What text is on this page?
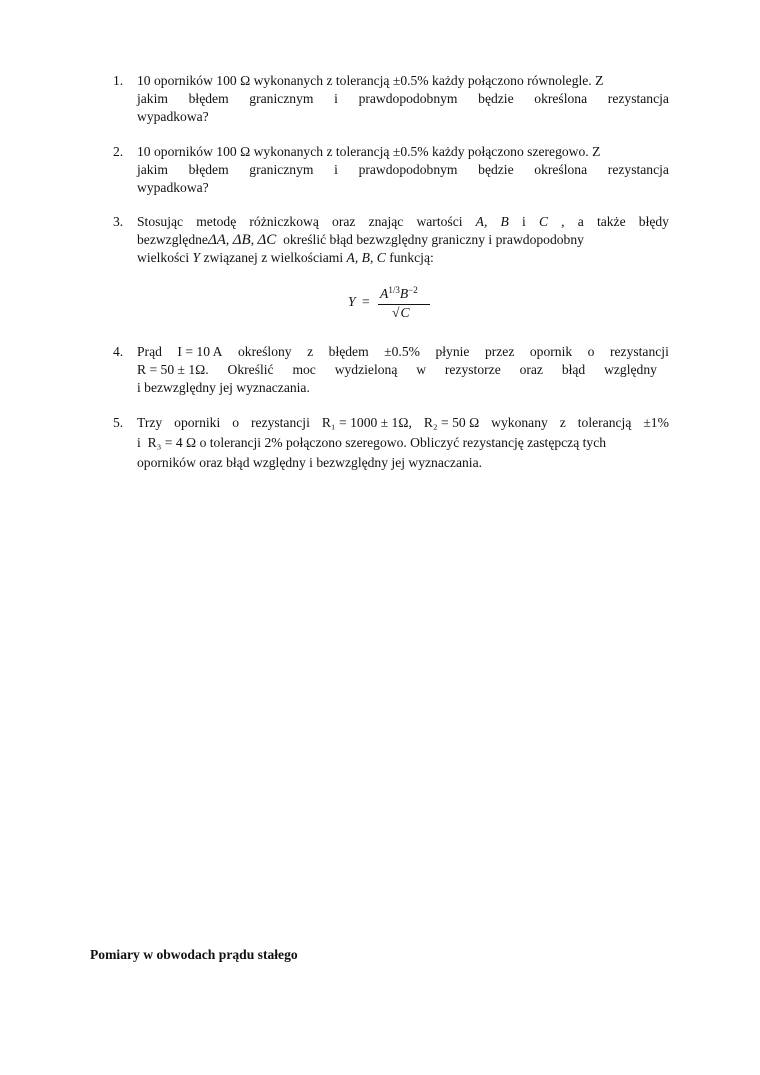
1. 10 oporników 100 Ω wykonanych z tolerancją ±0.5% każdy połączono równolegle. Z
jakim błędem granicznym i prawdopodobnym będzie określona rezystancja
wypadkowa?
2. 10 oporników 100 Ω wykonanych z tolerancją ±0.5% każdy połączono szeregowo. Z
jakim błędem granicznym i prawdopodobnym będzie określona rezystancja
wypadkowa?
3. Stosując metodę różniczkową oraz znając wartości A, B i C , a także błędy
bezwzględneΔA, ΔB, ΔC określić błąd bezwzględny graniczny i prawdopodobny
wielkości Y związanej z wielkościami A, B, C funkcją:
Y =
$A^{1/3}B^{-2}$
√C
4. Prąd I = 10 A określony z błędem ±0.5% płynie przez opornik o rezystancji
R = 50 ± 1Ω. Określić moc wydzieloną w rezystorze oraz błąd względny
i bezwzględny jej wyznaczania.
5. Trzy oporniki o rezystancji R₁ = 1000 ± 1Ω, R₂ = 50 Ω wykonany z tolerancją ±1%
i R₃ = 4 Ω o tolerancji 2% połączono szeregowo. Obliczyć rezystancję zastępczą tych
oporników oraz błąd względny i bezwzględny jej wyznaczania.
Pomiary w obwodach prądu stałego
